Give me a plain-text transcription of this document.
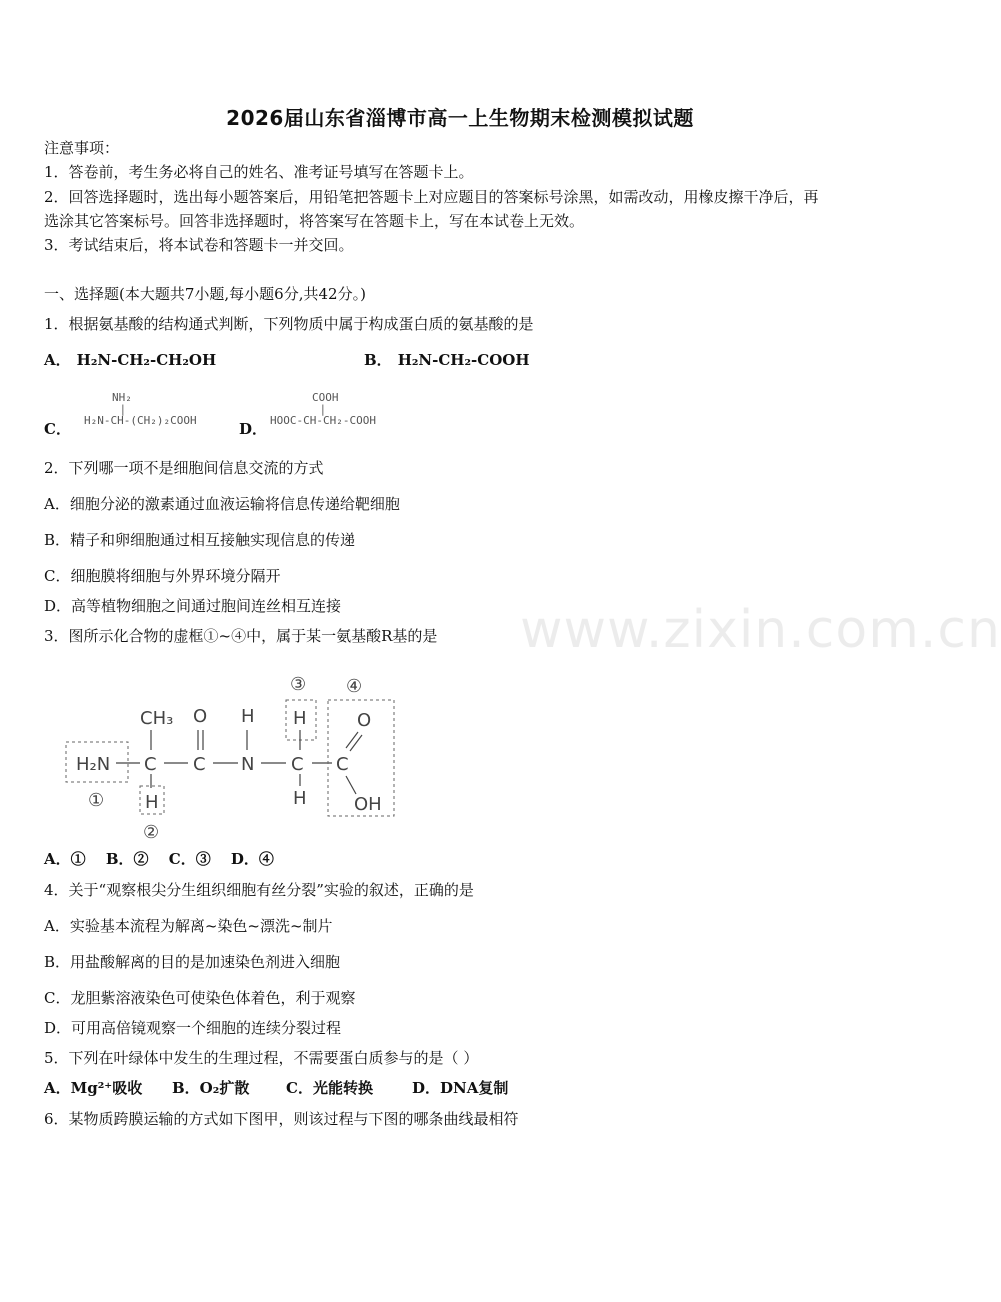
www.zixin.com.cn
2026届山东省淄博市高一上生物期末检测模拟试题
注意事项：
1．答卷前，考生务必将自己的姓名、准考证号填写在答题卡上。
2．回答选择题时，选出每小题答案后，用铅笔把答题卡上对应题目的答案标号涂黑，如需改动，用橡皮擦干净后，再
选涂其它答案标号。回答非选择题时，将答案写在答题卡上，写在本试卷上无效。
3．考试结束后，将本试卷和答题卡一并交回。
一、选择题(本大题共7小题,每小题6分,共42分。)
1．根据氨基酸的结构通式判断，下列物质中属于构成蛋白质的氨基酸的是
A． H₂N-CH₂-CH₂OH	B． H₂N-CH₂-COOH
C．
NH₂
|
H₂N-CH-(CH₂)₂COOH	D．
COOH
|
HOOC-CH-CH₂-COOH
2．下列哪一项不是细胞间信息交流的方式
A．细胞分泌的激素通过血液运输将信息传递给靶细胞
B．精子和卵细胞通过相互接触实现信息的传递
C．细胞膜将细胞与外界环境分隔开
D．高等植物细胞之间通过胞间连丝相互连接
3．图所示化合物的虚框①~④中，属于某一氨基酸R基的是
H₂N
①
C
CH₃
H
②
C
O
N
H
C
H
③
H
C
O
OH
④
A．①　 B．②　 C．③　 D．④
4．关于“观察根尖分生组织细胞有丝分裂”实验的叙述，正确的是
A．实验基本流程为解离~染色~漂洗~制片
B．用盐酸解离的目的是加速染色剂进入细胞
C．龙胆紫溶液染色可使染色体着色，利于观察
D．可用高倍镜观察一个细胞的连续分裂过程
5．下列在叶绿体中发生的生理过程，不需要蛋白质参与的是（ ）
A．Mg²⁺吸收 B．O₂扩散 C．光能转换	D．DNA复制
6．某物质跨膜运输的方式如下图甲，则该过程与下图的哪条曲线最相符
